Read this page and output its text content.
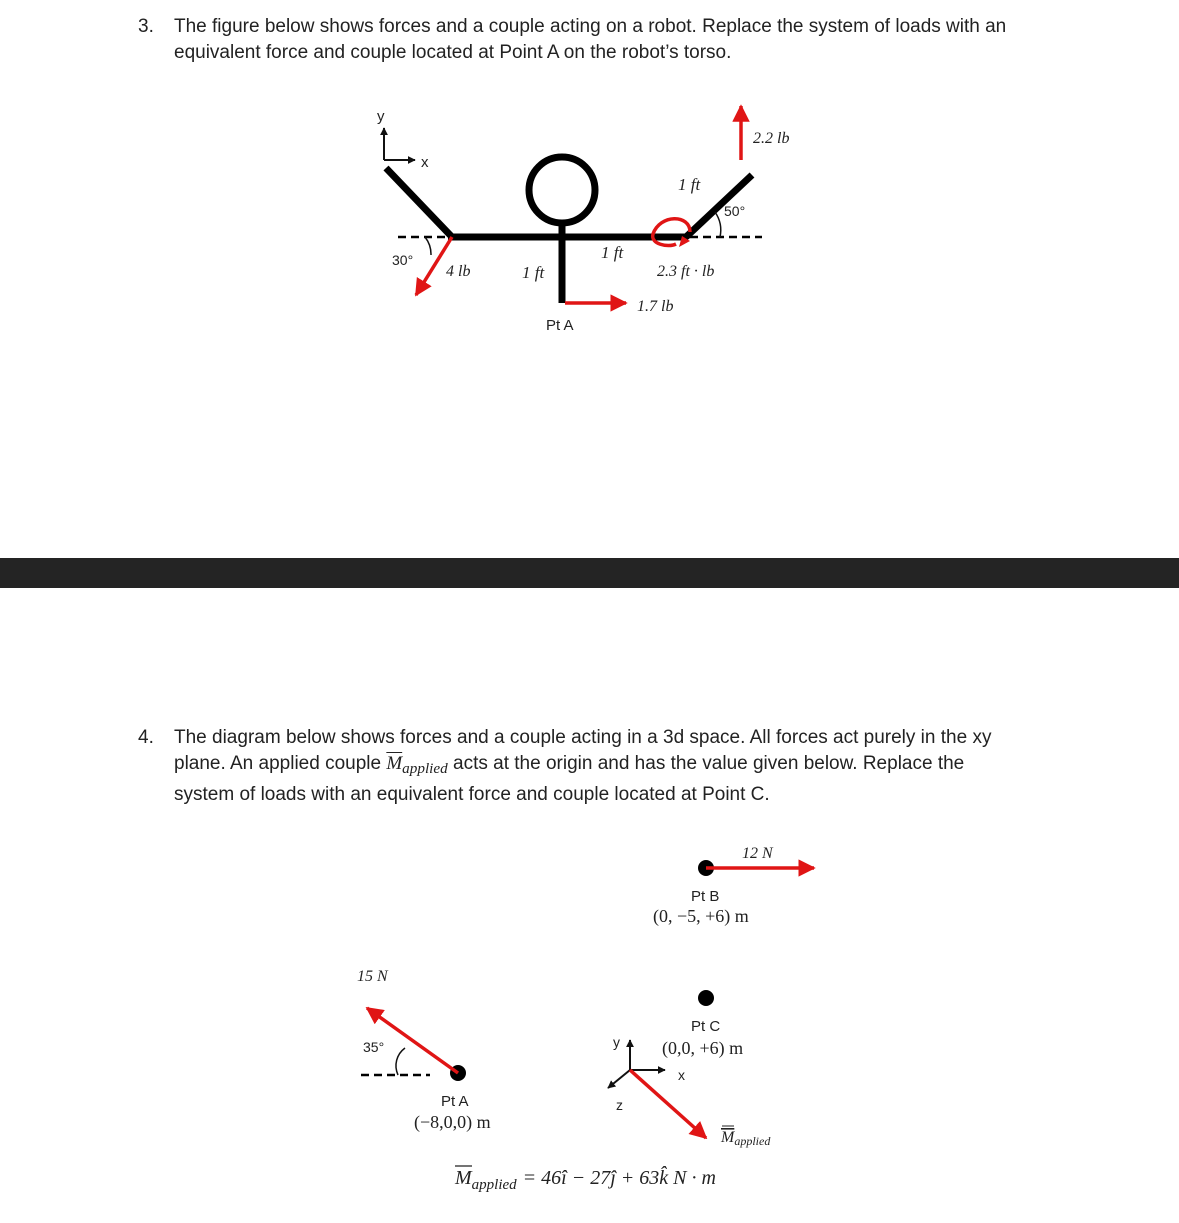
3. The figure below shows forces and a couple acting on a robot. Replace the system of loads with an
equivalent force and couple located at Point A on the robot’s torso.
y
x
2.2 lb
1 ft
50°
30°
4 lb	1 ft
1 ft
2.3 ft · lb
1.7 lb
Pt A
4. The diagram below shows forces and a couple acting in a 3d space. All forces act purely in the xy
plane. An applied couple $\overline{M}_{applied}$ acts at the origin and has the value given below. Replace the
system of loads with an equivalent force and couple located at Point C.
12 N
Pt B
(0, −5, +6) m
15 N
35°
Pt A
(−8,0,0) m
Pt C
(0,0, +6) m
y
x
z
Mapplied
$M_{applied}$ = 46î − 27ĵ + 63k̂ N · m
